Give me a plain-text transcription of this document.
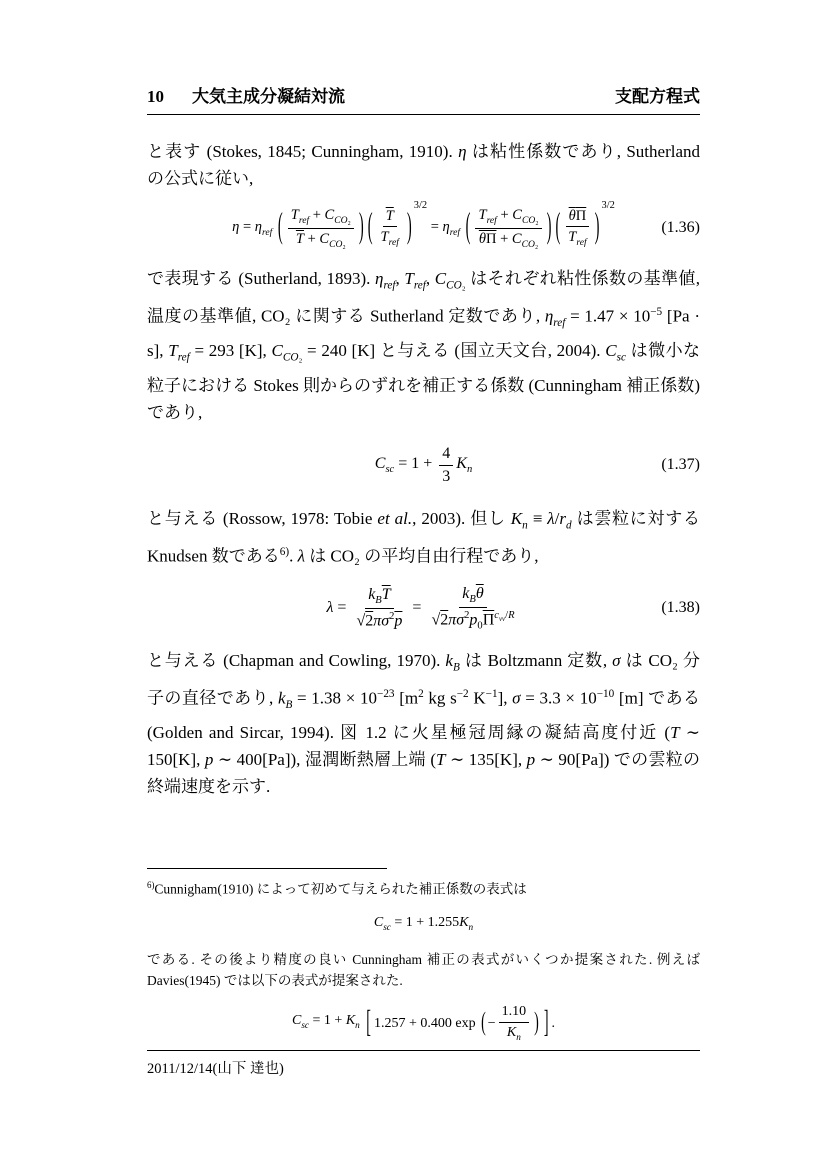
10 大気主成分凝結対流	支配方程式

と表す (Stokes, 1845; Cunningham, 1910). η は粘性係数であり, Sutherland の公式に従い,

$\eta = \eta_{ref}$ ( $\frac{T_{ref} + C_{CO_2}}{\overline{T} + C_{CO_2}}$ ) ( $\frac{\overline{T}}{T_{ref}}$ )
3/2
= $\eta_{ref}$ ( $\frac{T_{ref} + C_{CO_2}}{\theta\Pi + C_{CO_2}}$ ) ( $\frac{\theta\Pi}{T_{ref}}$ )
3/2
(1.36)

で表現する (Sutherland, 1893). $\eta_{ref}$, $T_{ref}$, $C_{CO_2}$ はそれぞれ粘性係数の基準値, 温度の基準値, CO₂ に関する Sutherland 定数であり, $\eta_{ref} = 1.47 \times 10^{-5}$ [Pa · s], $T_{ref} = 293$ [K], $C_{CO_2} = 240$ [K] と与える (国立天文台, 2004). $C_{sc}$ は微小な粒子における Stokes 則からのずれを補正する係数 (Cunningham 補正係数) であり,

$C_{sc} = 1 + \frac{4}{3} K_n$	(1.37)

と与える (Rossow, 1978: Tobie et al., 2003). 但し $K_n \equiv \lambda/r_d$ は雲粒に対する Knudsen 数である$^{6)}$. λ は CO₂ の平均自由行程であり,

$\lambda = \frac{k_B\overline{T}}{√2\pi\sigma^2\overline{p}} = \frac{k_B\overline{\theta}}{√2\pi\sigma^2p_0\overline{\Pi}^{c_{vv}/R}}$	(1.38)

と与える (Chapman and Cowling, 1970). $k_B$ は Boltzmann 定数, σ は CO₂ 分子の直径であり, $k_B = 1.38 \times 10^{-23}$ [$m^2$ kg $s^{-2}$ $K^{-1}$], $\sigma = 3.3 \times 10^{-10}$ [m] である (Golden and Sircar, 1994). 図 1.2 に火星極冠周縁の凝結高度付近 (T ∼ 150[K], p ∼ 400[Pa]), 湿潤断熱層上端 (T ∼ 135[K], p ∼ 90[Pa]) での雲粒の終端速度を示す.

$^{6)}$Cunnigham(1910) によって初めて与えられた補正係数の表式は

$C_{sc} = 1 + 1.255K_n$

である. その後より精度の良い Cunningham 補正の表式がいくつか提案された. 例えば Davies(1945) では以下の表式が提案された.

$C_{sc} = 1 + K_n$ [ 1.257 + 0.400 exp ( − $\frac{1.10}{K_n}$ ) ] .
2011/12/14(山下 達也)
